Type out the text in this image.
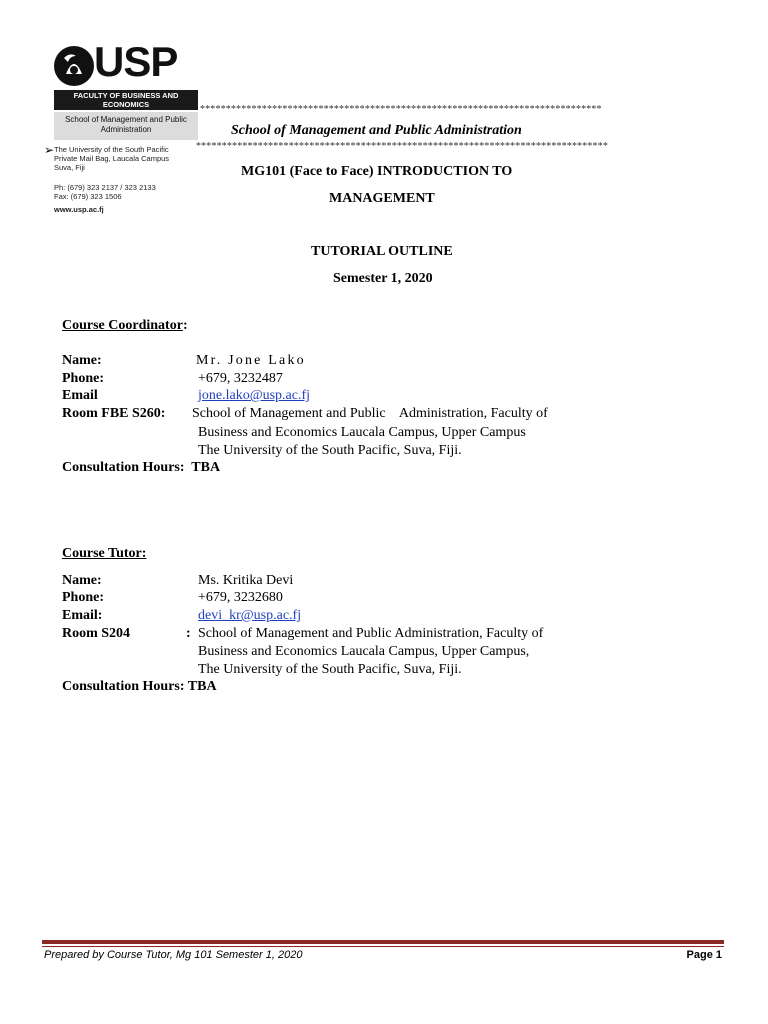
USP
FACULTY OF BUSINESS AND ECONOMICS
School of Management and Public Administration
The University of the South Pacific
Private Mail Bag, Laucala Campus
Suva, Fiji
Ph: (679) 323 2137 / 323 2133
Fax: (679) 323 1506
www.usp.ac.fj
➢
******************************************************************************
School of Management and Public Administration
********************************************************************************
MG101 (Face to Face) INTRODUCTION TO
MANAGEMENT
TUTORIAL OUTLINE
Semester 1, 2020
Course Coordinator:
Name:	Mr. Jone Lako
Phone:	+679, 3232487
Email	jone.lako@usp.ac.fj
Room FBE S260: School of Management and Public    Administration, Faculty of
Business and Economics Laucala Campus, Upper Campus
The University of the South Pacific, Suva, Fiji.
Consultation Hours: TBA
Course Tutor:
Name:	Ms. Kritika Devi
Phone:	+679, 3232680
Email:	devi_kr@usp.ac.fj
Room S204	: School of Management and Public Administration, Faculty of
Business and Economics Laucala Campus, Upper Campus,
The University of the South Pacific, Suva, Fiji.
Consultation Hours: TBA
Prepared by Course Tutor, Mg 101 Semester 1, 2020	Page 1
